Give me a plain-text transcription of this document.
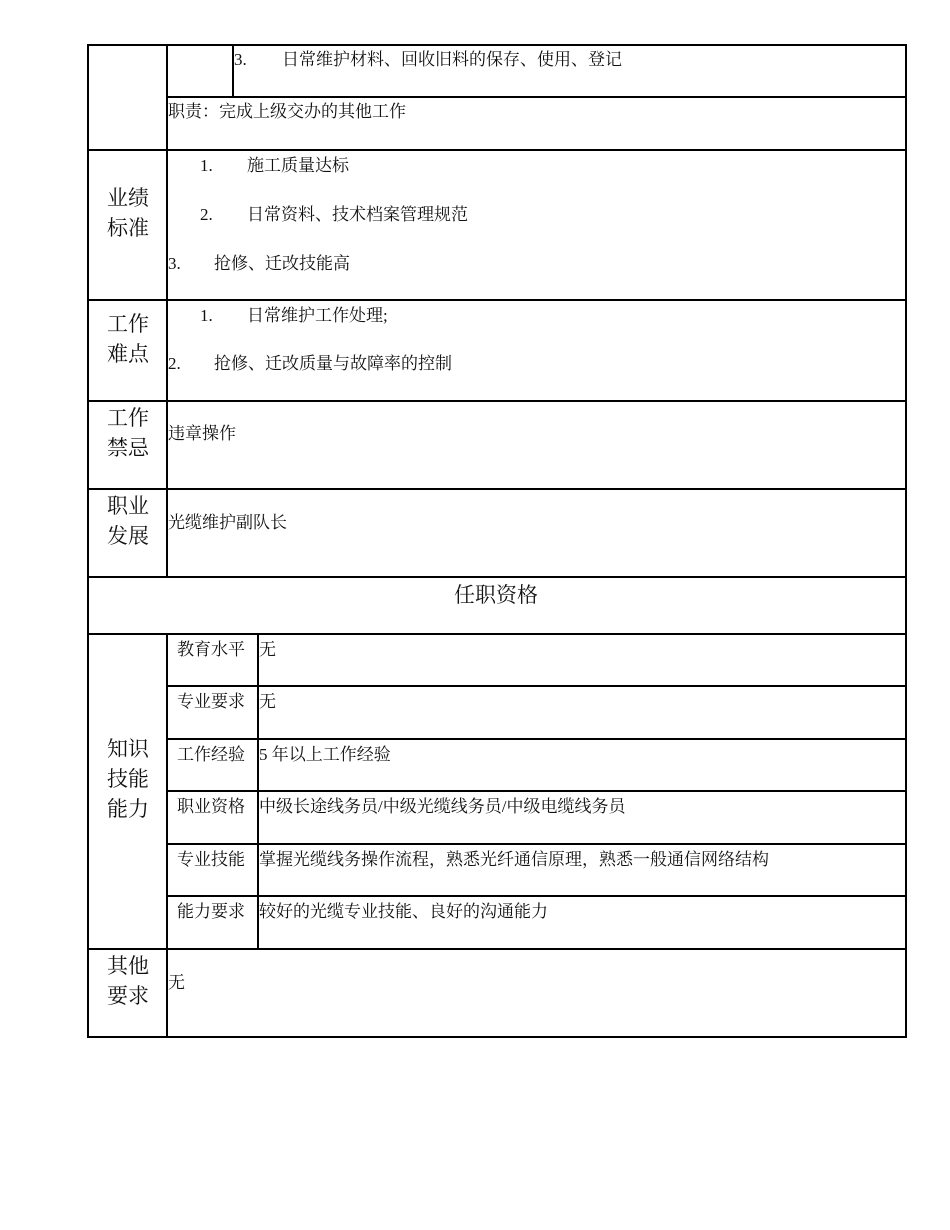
3. 日常维护材料、回收旧料的保存、使用、登记
职责：完成上级交办的其他工作
业绩
标准
1. 施工质量达标
2. 日常资料、技术档案管理规范
3. 抢修、迁改技能高
工作
难点
1. 日常维护工作处理;
2. 抢修、迁改质量与故障率的控制
工作
禁忌
违章操作
职业
发展
光缆维护副队长
任职资格
知识
技能
能力
教育水平 无
专业要求 无
工作经验 5 年以上工作经验
职业资格 中级长途线务员/中级光缆线务员/中级电缆线务员
专业技能 掌握光缆线务操作流程，熟悉光纤通信原理，熟悉一般通信网络结构
能力要求 较好的光缆专业技能、良好的沟通能力
其他
要求
无
